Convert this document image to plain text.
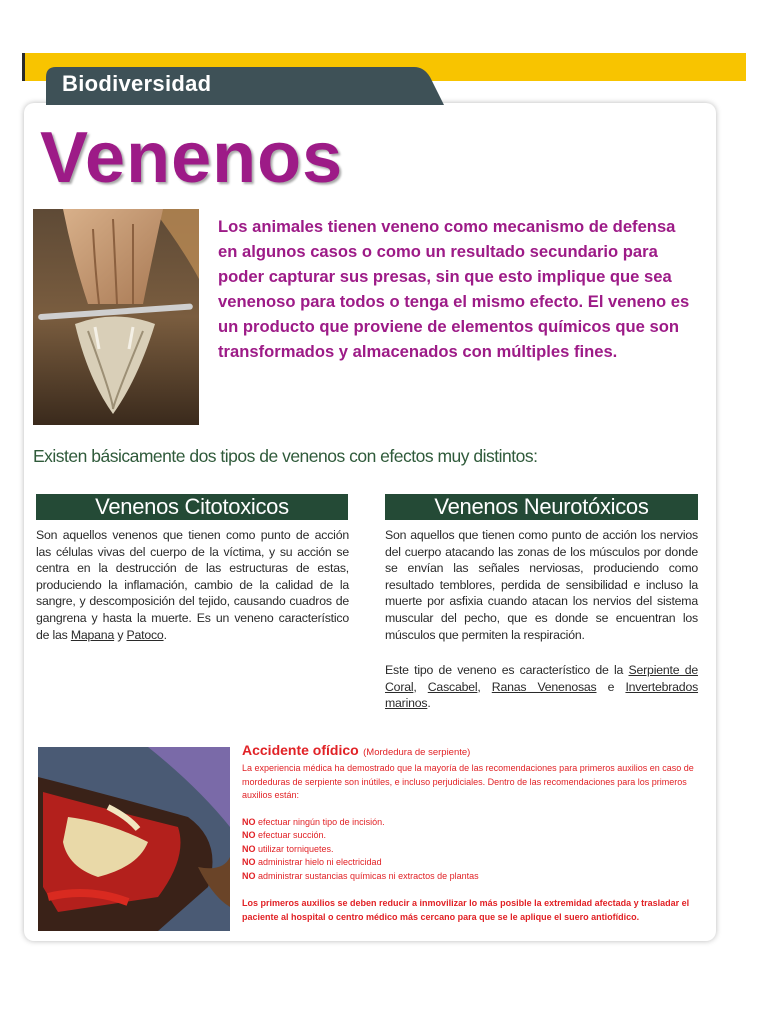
Biodiversidad
Venenos
Foto: Internet
Los animales tienen veneno como mecanismo de defensa en algunos casos o como un resultado secundario para poder capturar sus presas, sin que esto implique que sea venenoso para todos o tenga el mismo efecto. El veneno es un producto que proviene de elementos químicos que son transformados y almacenados con múltiples fines.
Existen básicamente dos tipos de venenos con efectos muy distintos:
Venenos Citotoxicos	Venenos Neurotóxicos
Son aquellos venenos que tienen como punto de acción las células vivas del cuerpo de la víctima, y su acción se centra en la destrucción de las estructuras de estas, produciendo la inflamación, cambio de la calidad de la sangre, y descomposición del tejido, causando cuadros de gangrena y hasta la muerte. Es un veneno característico de las Mapana y Patoco.
Son aquellos que tienen como punto de acción los nervios del cuerpo atacando las zonas de los músculos por donde se envían las señales nerviosas, produciendo como resultado temblores, perdida de sensibilidad e incluso la muerte por asfixia cuando atacan los nervios del sistema muscular del pecho, que es donde se encuentran los músculos que permiten la respiración.
Este tipo de veneno es característico de la Serpiente de Coral, Cascabel, Ranas Venenosas e Invertebrados marinos.
Accidente ofídico (Mordedura de serpiente)
La experiencia médica ha demostrado que la mayoría de las recomendaciones para primeros auxilios en caso de mordeduras de serpiente son inútiles, e incluso perjudiciales. Dentro de las recomendaciones para los primeros auxilios están:
NO efectuar ningún tipo de incisión.
NO efectuar succión.
NO utilizar torniquetes.
NO administrar hielo ni electricidad
NO administrar sustancias químicas ni extractos de plantas
Los primeros auxilios se deben reducir a inmovilizar lo más posible la extremidad afectada y trasladar el paciente al hospital o centro médico más cercano para que se le aplique el suero antiofídico.
